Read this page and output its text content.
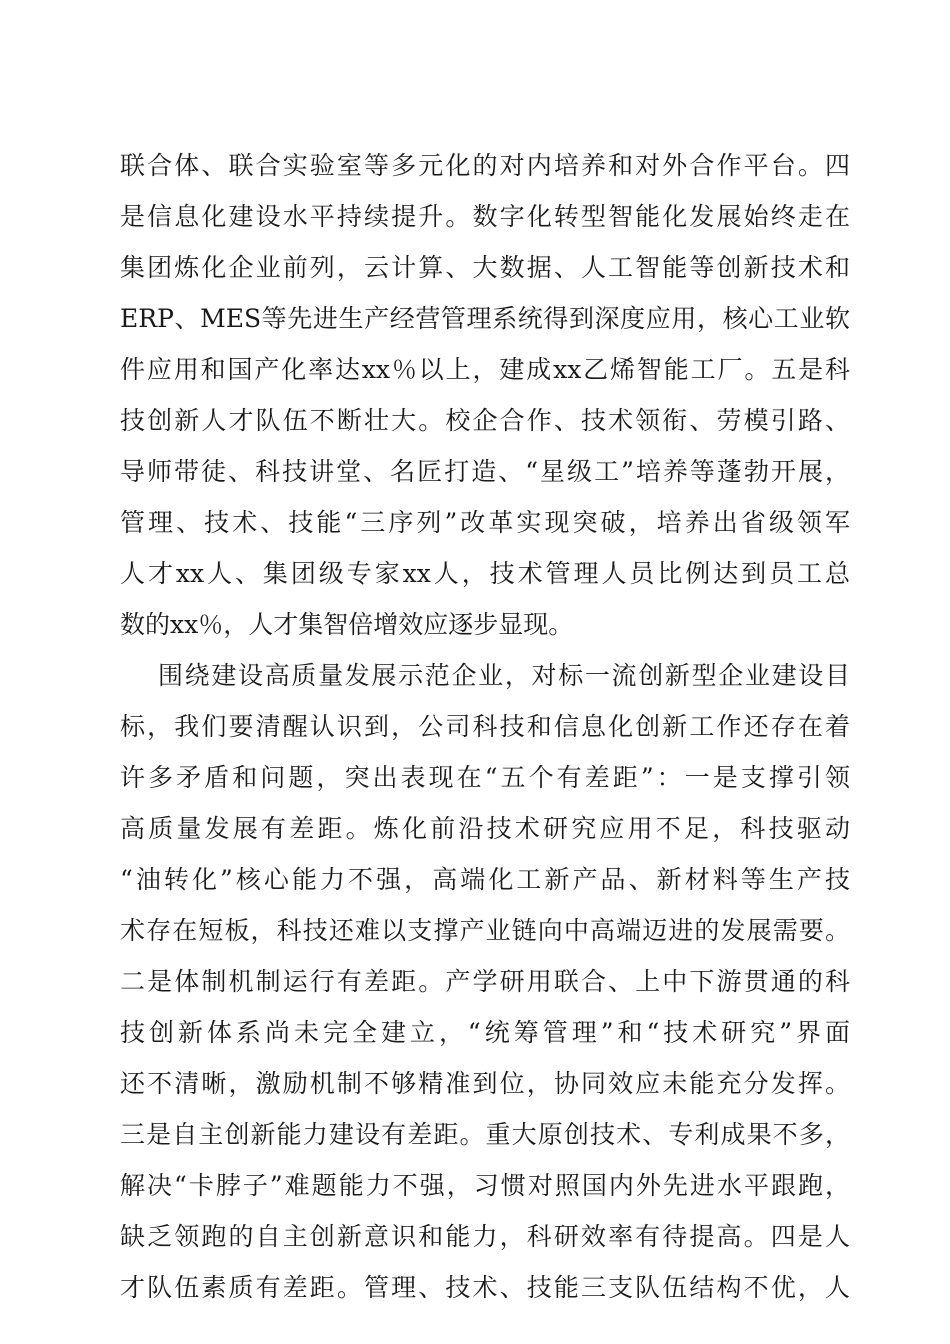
联合体、联合实验室等多元化的对内培养和对外合作平台。四
是信息化建设水平持续提升。数字化转型智能化发展始终走在
集团炼化企业前列，云计算、大数据、人工智能等创新技术和
ERP、MES等先进生产经营管理系统得到深度应用，核心工业软
件应用和国产化率达xx％以上，建成xx乙烯智能工厂。五是科
技创新人才队伍不断壮大。校企合作、技术领衔、劳模引路、
导师带徒、科技讲堂、名匠打造、“星级工”培养等蓬勃开展，
管理、技术、技能“三序列”改革实现突破，培养出省级领军
人才xx人、集团级专家xx人，技术管理人员比例达到员工总
数的xx％，人才集智倍增效应逐步显现。
围绕建设高质量发展示范企业，对标一流创新型企业建设目
标，我们要清醒认识到，公司科技和信息化创新工作还存在着
许多矛盾和问题，突出表现在“五个有差距”：一是支撑引领
高质量发展有差距。炼化前沿技术研究应用不足，科技驱动
“油转化”核心能力不强，高端化工新产品、新材料等生产技
术存在短板，科技还难以支撑产业链向中高端迈进的发展需要。
二是体制机制运行有差距。产学研用联合、上中下游贯通的科
技创新体系尚未完全建立，“统筹管理”和“技术研究”界面
还不清晰，激励机制不够精准到位，协同效应未能充分发挥。
三是自主创新能力建设有差距。重大原创技术、专利成果不多，
解决“卡脖子”难题能力不强，习惯对照国内外先进水平跟跑，
缺乏领跑的自主创新意识和能力，科研效率有待提高。四是人
才队伍素质有差距。管理、技术、技能三支队伍结构不优，人
